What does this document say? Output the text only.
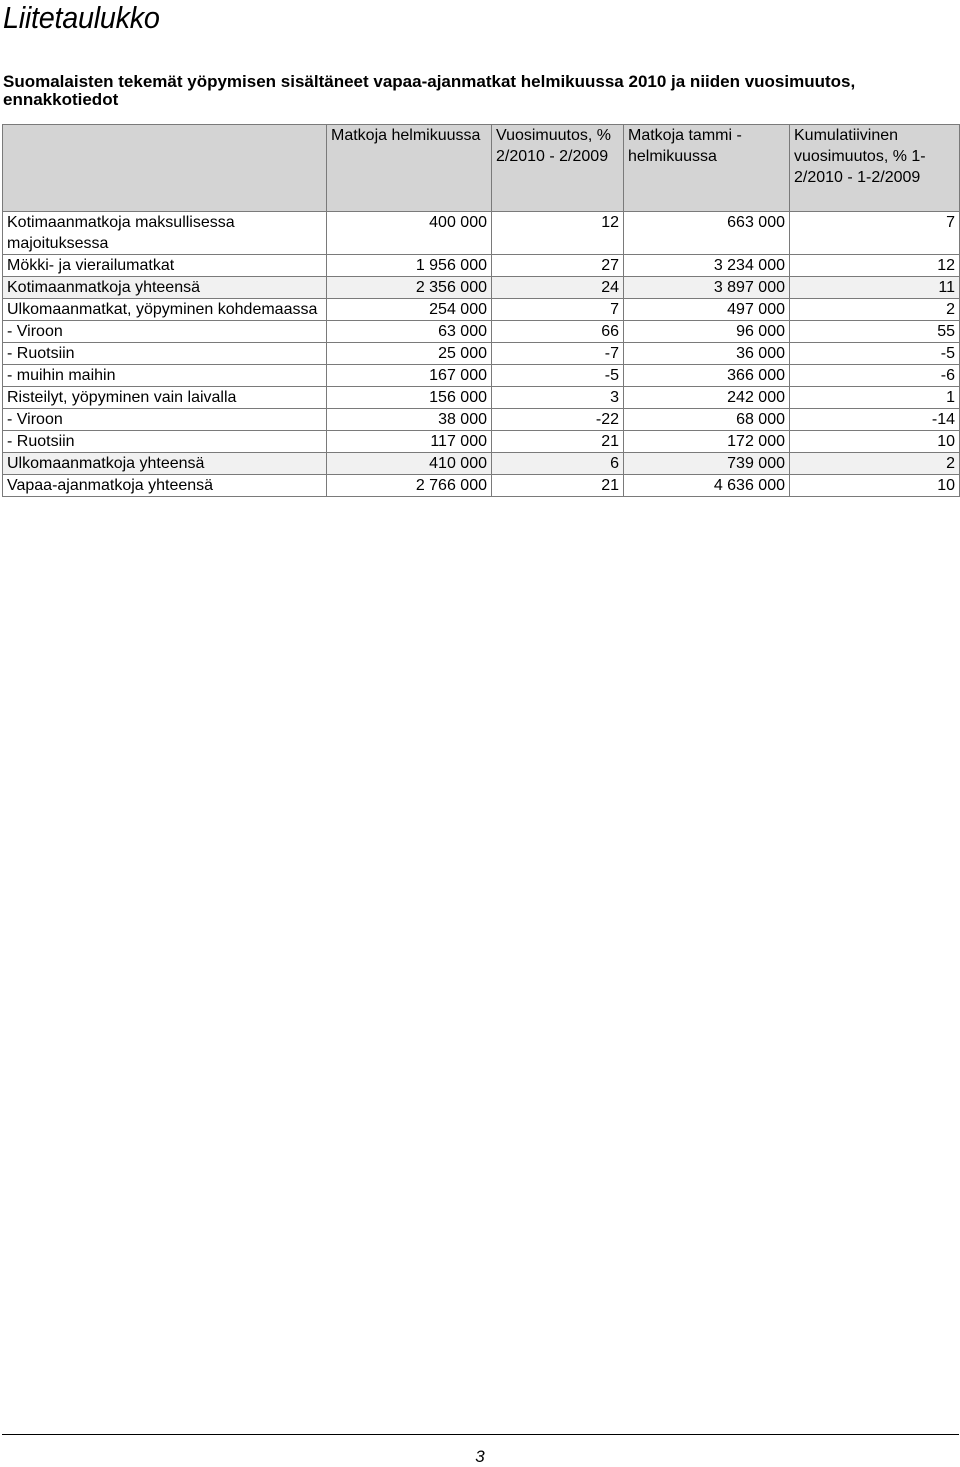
Liitetaulukko
Suomalaisten tekemät yöpymisen sisältäneet vapaa-ajanmatkat helmikuussa 2010 ja niiden vuosimuutos, ennakkotiedot
	Matkoja helmikuussa	Vuosimuutos, % 2/2010 - 2/2009	Matkoja tammi - helmikuussa	Kumulatiivinen vuosimuutos, % 1-2/2010 - 1-2/2009
Kotimaanmatkoja maksullisessa majoituksessa	400 000	12	663 000	7
Mökki- ja vierailumatkat	1 956 000	27	3 234 000	12
Kotimaanmatkoja yhteensä	2 356 000	24	3 897 000	11
Ulkomaanmatkat, yöpyminen kohdemaassa	254 000	7	497 000	2
- Viroon	63 000	66	96 000	55
- Ruotsiin	25 000	-7	36 000	-5
- muihin maihin	167 000	-5	366 000	-6
Risteilyt, yöpyminen vain laivalla	156 000	3	242 000	1
- Viroon	38 000	-22	68 000	-14
- Ruotsiin	117 000	21	172 000	10
Ulkomaanmatkoja yhteensä	410 000	6	739 000	2
Vapaa-ajanmatkoja yhteensä	2 766 000	21	4 636 000	10
3
